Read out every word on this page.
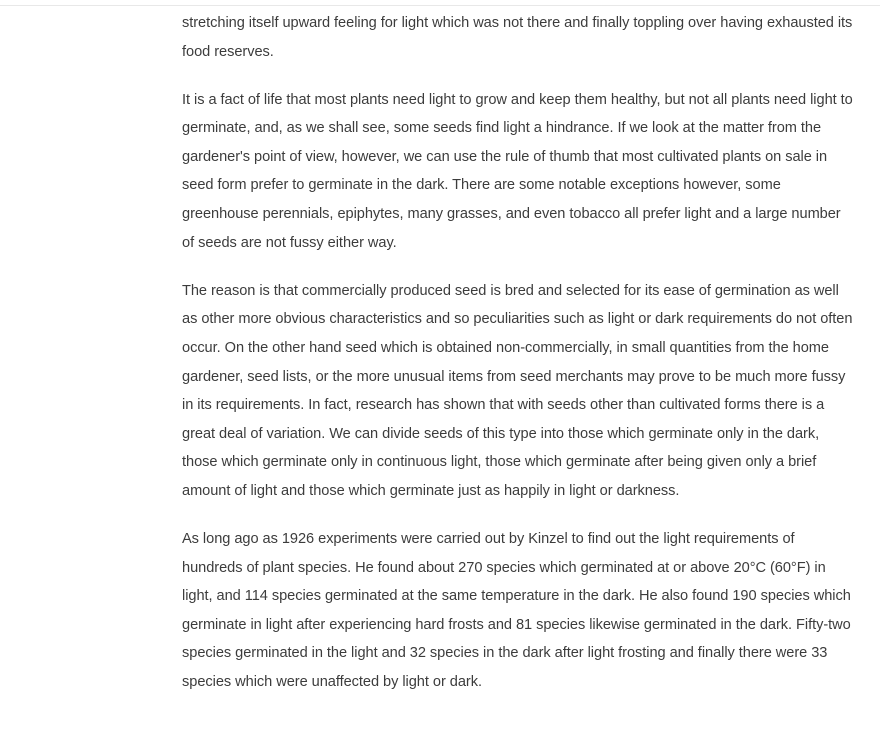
stretching itself upward feeling for light which was not there and finally toppling over having exhausted its food reserves.

It is a fact of life that most plants need light to grow and keep them healthy, but not all plants need light to germinate, and, as we shall see, some seeds find light a hindrance. If we look at the matter from the gardener's point of view, however, we can use the rule of thumb that most cultivated plants on sale in seed form prefer to germinate in the dark. There are some notable exceptions however, some greenhouse perennials, epiphytes, many grasses, and even tobacco all prefer light and a large number of seeds are not fussy either way.

The reason is that commercially produced seed is bred and selected for its ease of germination as well as other more obvious characteristics and so peculiarities such as light or dark requirements do not often occur. On the other hand seed which is obtained non-commercially, in small quantities from the home gardener, seed lists, or the more unusual items from seed merchants may prove to be much more fussy in its requirements. In fact, research has shown that with seeds other than cultivated forms there is a great deal of variation. We can divide seeds of this type into those which germinate only in the dark, those which germinate only in continuous light, those which germinate after being given only a brief amount of light and those which germinate just as happily in light or darkness.

As long ago as 1926 experiments were carried out by Kinzel to find out the light requirements of hundreds of plant species. He found about 270 species which germinated at or above 20°C (60°F) in light, and 114 species germinated at the same temperature in the dark. He also found 190 species which germinate in light after experiencing hard frosts and 81 species likewise germinated in the dark. Fifty-two species germinated in the light and 32 species in the dark after light frosting and finally there were 33 species which were unaffected by light or dark.
